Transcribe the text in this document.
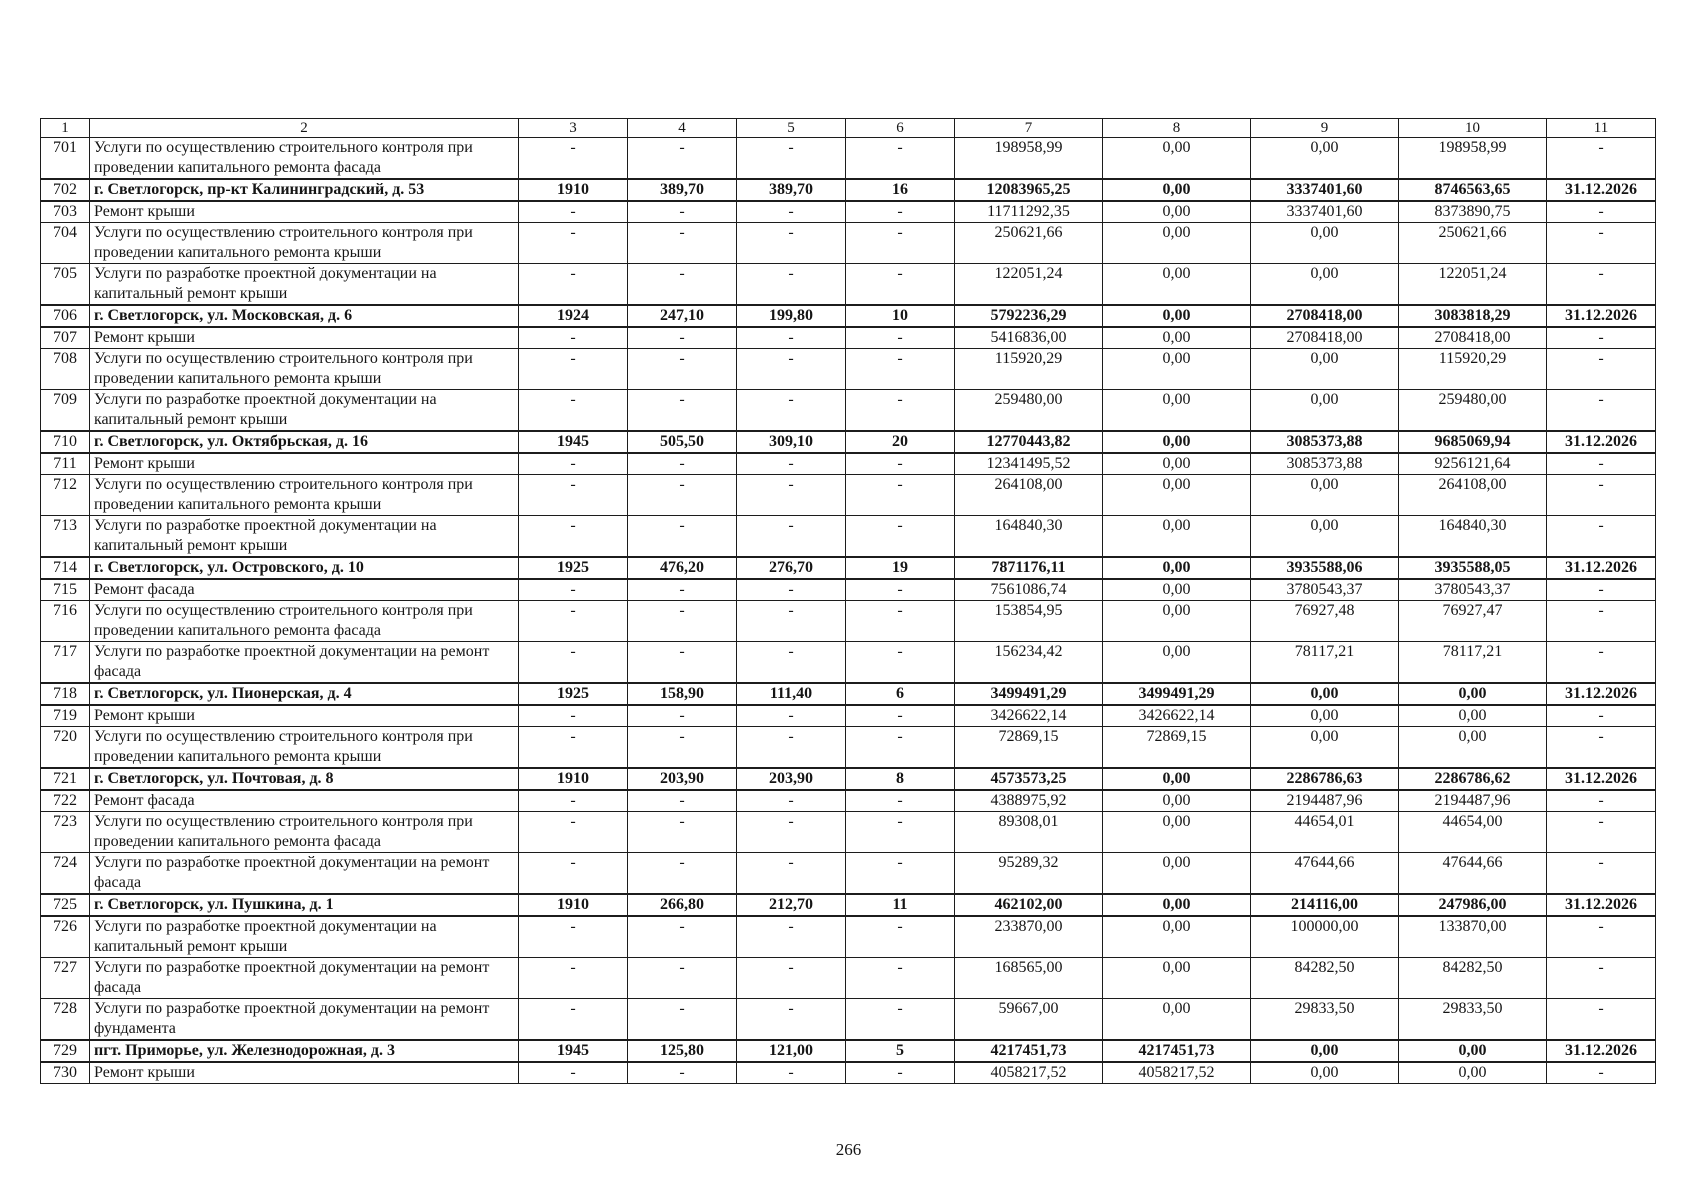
1	2	3	4	5	6	7	8	9	10	11
701	Услуги по осуществлению строительного контроля при проведении капитального ремонта фасада	-	-	-	-	198958,99	0,00	0,00	198958,99	-
702	г. Светлогорск, пр-кт Калининградский, д. 53	1910	389,70	389,70	16	12083965,25	0,00	3337401,60	8746563,65	31.12.2026
703	Ремонт крыши	-	-	-	-	11711292,35	0,00	3337401,60	8373890,75	-
704	Услуги по осуществлению строительного контроля при проведении капитального ремонта крыши	-	-	-	-	250621,66	0,00	0,00	250621,66	-
705	Услуги по разработке проектной документации на капитальный ремонт крыши	-	-	-	-	122051,24	0,00	0,00	122051,24	-
706	г. Светлогорск, ул. Московская, д. 6	1924	247,10	199,80	10	5792236,29	0,00	2708418,00	3083818,29	31.12.2026
707	Ремонт крыши	-	-	-	-	5416836,00	0,00	2708418,00	2708418,00	-
708	Услуги по осуществлению строительного контроля при проведении капитального ремонта крыши	-	-	-	-	115920,29	0,00	0,00	115920,29	-
709	Услуги по разработке проектной документации на капитальный ремонт крыши	-	-	-	-	259480,00	0,00	0,00	259480,00	-
710	г. Светлогорск, ул. Октябрьская, д. 16	1945	505,50	309,10	20	12770443,82	0,00	3085373,88	9685069,94	31.12.2026
711	Ремонт крыши	-	-	-	-	12341495,52	0,00	3085373,88	9256121,64	-
712	Услуги по осуществлению строительного контроля при проведении капитального ремонта крыши	-	-	-	-	264108,00	0,00	0,00	264108,00	-
713	Услуги по разработке проектной документации на капитальный ремонт крыши	-	-	-	-	164840,30	0,00	0,00	164840,30	-
714	г. Светлогорск, ул. Островского, д. 10	1925	476,20	276,70	19	7871176,11	0,00	3935588,06	3935588,05	31.12.2026
715	Ремонт фасада	-	-	-	-	7561086,74	0,00	3780543,37	3780543,37	-
716	Услуги по осуществлению строительного контроля при проведении капитального ремонта фасада	-	-	-	-	153854,95	0,00	76927,48	76927,47	-
717	Услуги по разработке проектной документации на ремонт фасада	-	-	-	-	156234,42	0,00	78117,21	78117,21	-
718	г. Светлогорск, ул. Пионерская, д. 4	1925	158,90	111,40	6	3499491,29	3499491,29	0,00	0,00	31.12.2026
719	Ремонт крыши	-	-	-	-	3426622,14	3426622,14	0,00	0,00	-
720	Услуги по осуществлению строительного контроля при проведении капитального ремонта крыши	-	-	-	-	72869,15	72869,15	0,00	0,00	-
721	г. Светлогорск, ул. Почтовая, д. 8	1910	203,90	203,90	8	4573573,25	0,00	2286786,63	2286786,62	31.12.2026
722	Ремонт фасада	-	-	-	-	4388975,92	0,00	2194487,96	2194487,96	-
723	Услуги по осуществлению строительного контроля при проведении капитального ремонта фасада	-	-	-	-	89308,01	0,00	44654,01	44654,00	-
724	Услуги по разработке проектной документации на ремонт фасада	-	-	-	-	95289,32	0,00	47644,66	47644,66	-
725	г. Светлогорск, ул. Пушкина, д. 1	1910	266,80	212,70	11	462102,00	0,00	214116,00	247986,00	31.12.2026
726	Услуги по разработке проектной документации на капитальный ремонт крыши	-	-	-	-	233870,00	0,00	100000,00	133870,00	-
727	Услуги по разработке проектной документации на ремонт фасада	-	-	-	-	168565,00	0,00	84282,50	84282,50	-
728	Услуги по разработке проектной документации на ремонт фундамента	-	-	-	-	59667,00	0,00	29833,50	29833,50	-
729	пгт. Приморье, ул. Железнодорожная, д. 3	1945	125,80	121,00	5	4217451,73	4217451,73	0,00	0,00	31.12.2026
730	Ремонт крыши	-	-	-	-	4058217,52	4058217,52	0,00	0,00	-
266
